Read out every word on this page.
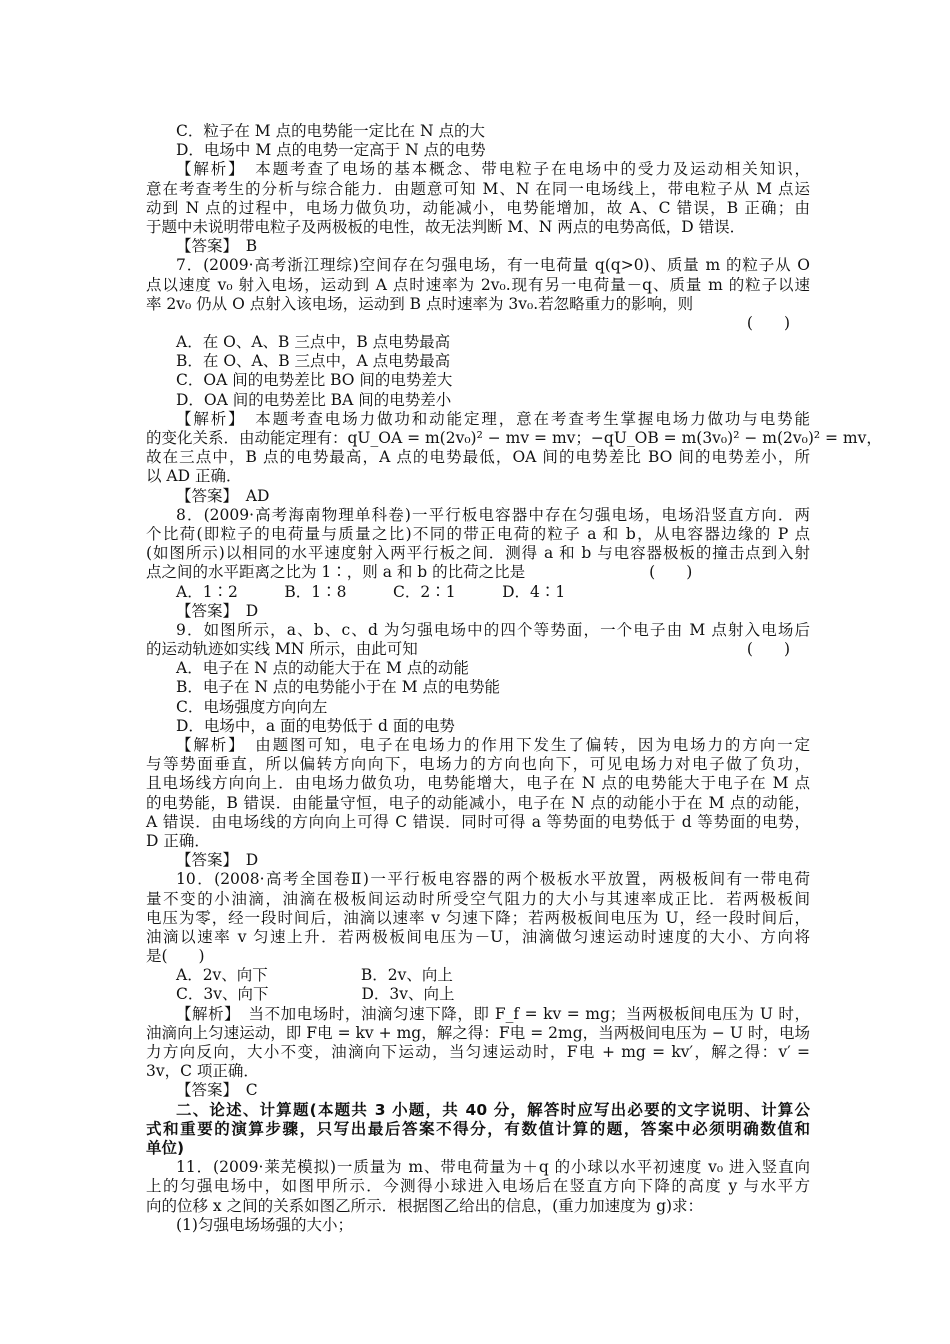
C．粒子在 M 点的电势能一定比在 N 点的大
D．电场中 M 点的电势一定高于 N 点的电势
【解析】　本题考查了电场的基本概念、带电粒子在电场中的受力及运动相关知识，
意在考查考生的分析与综合能力．由题意可知 M、N 在同一电场线上，带电粒子从 M 点运
动到 N 点的过程中，电场力做负功，动能减小，电势能增加，故 A、C 错误，B 正确；由
于题中未说明带电粒子及两极板的电性，故无法判断 M、N 两点的电势高低，D 错误．
【答案】　B
7．(2009·高考浙江理综)空间存在匀强电场，有一电荷量 q(q>0)、质量 m 的粒子从 O
点以速度 v₀ 射入电场，运动到 A 点时速率为 2v₀.现有另一电荷量－q、质量 m 的粒子以速
率 2v₀ 仍从 O 点射入该电场，运动到 B 点时速率为 3v₀.若忽略重力的影响，则
(　　)
A．在 O、A、B 三点中，B 点电势最高
B．在 O、A、B 三点中，A 点电势最高
C．OA 间的电势差比 BO 间的电势差大
D．OA 间的电势差比 BA 间的电势差小
【解析】　本题考查电场力做功和动能定理，意在考查考生掌握电场力做功与电势能
的变化关系．由动能定理有：qU_OA = m(2v₀)² − mv = mv；−qU_OB = m(3v₀)² − m(2v₀)² = mv，
故在三点中，B 点的电势最高，A 点的电势最低，OA 间的电势差比 BO 间的电势差小，所
以 AD 正确．
【答案】　AD
8．(2009·高考海南物理单科卷)一平行板电容器中存在匀强电场，电场沿竖直方向．两
个比荷(即粒子的电荷量与质量之比)不同的带正电荷的粒子 a 和 b，从电容器边缘的 P 点
(如图所示)以相同的水平速度射入两平行板之间．测得 a 和 b 与电容器极板的撞击点到入射
点之间的水平距离之比为 1∶，则 a 和 b 的比荷之比是　　　　　　　　(　　)
A．1∶2　　　B．1∶8　　　C．2∶1　　　D．4∶1
【答案】　D
9．如图所示，a、b、c、d 为匀强电场中的四个等势面，一个电子由 M 点射入电场后
的运动轨迹如实线 MN 所示，由此可知	(　　)
A．电子在 N 点的动能大于在 M 点的动能
B．电子在 N 点的电势能小于在 M 点的电势能
C．电场强度方向向左
D．电场中，a 面的电势低于 d 面的电势
【解析】　由题图可知，电子在电场力的作用下发生了偏转，因为电场力的方向一定
与等势面垂直，所以偏转方向向下，电场力的方向也向下，可见电场力对电子做了负功，
且电场线方向向上．由电场力做负功，电势能增大，电子在 N 点的电势能大于电子在 M 点
的电势能，B 错误．由能量守恒，电子的动能减小，电子在 N 点的动能小于在 M 点的动能，
A 错误．由电场线的方向向上可得 C 错误．同时可得 a 等势面的电势低于 d 等势面的电势，
D 正确．
【答案】　D
10．(2008·高考全国卷Ⅱ)一平行板电容器的两个极板水平放置，两极板间有一带电荷
量不变的小油滴，油滴在极板间运动时所受空气阻力的大小与其速率成正比．若两极板间
电压为零，经一段时间后，油滴以速率 v 匀速下降；若两极板间电压为 U，经一段时间后，
油滴以速率 v 匀速上升．若两极板间电压为－U，油滴做匀速运动时速度的大小、方向将
是(　　)
A．2v、向下　　　　　　B．2v、向上
C．3v、向下　　　　　　D．3v、向上
【解析】　当不加电场时，油滴匀速下降，即 F_f = kv = mg；当两极板间电压为 U 时，
油滴向上匀速运动，即 F电 = kv + mg，解之得：F电 = 2mg，当两极间电压为 − U 时，电场
力方向反向，大小不变，油滴向下运动，当匀速运动时，F电 + mg = kv′，解之得：v′ =
3v，C 项正确．
【答案】　C
二、论述、计算题(本题共 3 小题，共 40 分，解答时应写出必要的文字说明、计算公
式和重要的演算步骤，只写出最后答案不得分，有数值计算的题，答案中必须明确数值和
单位)
11．(2009·莱芜模拟)一质量为 m、带电荷量为＋q 的小球以水平初速度 v₀ 进入竖直向
上的匀强电场中，如图甲所示．今测得小球进入电场后在竖直方向下降的高度 y 与水平方
向的位移 x 之间的关系如图乙所示．根据图乙给出的信息，(重力加速度为 g)求：
(1)匀强电场场强的大小；
